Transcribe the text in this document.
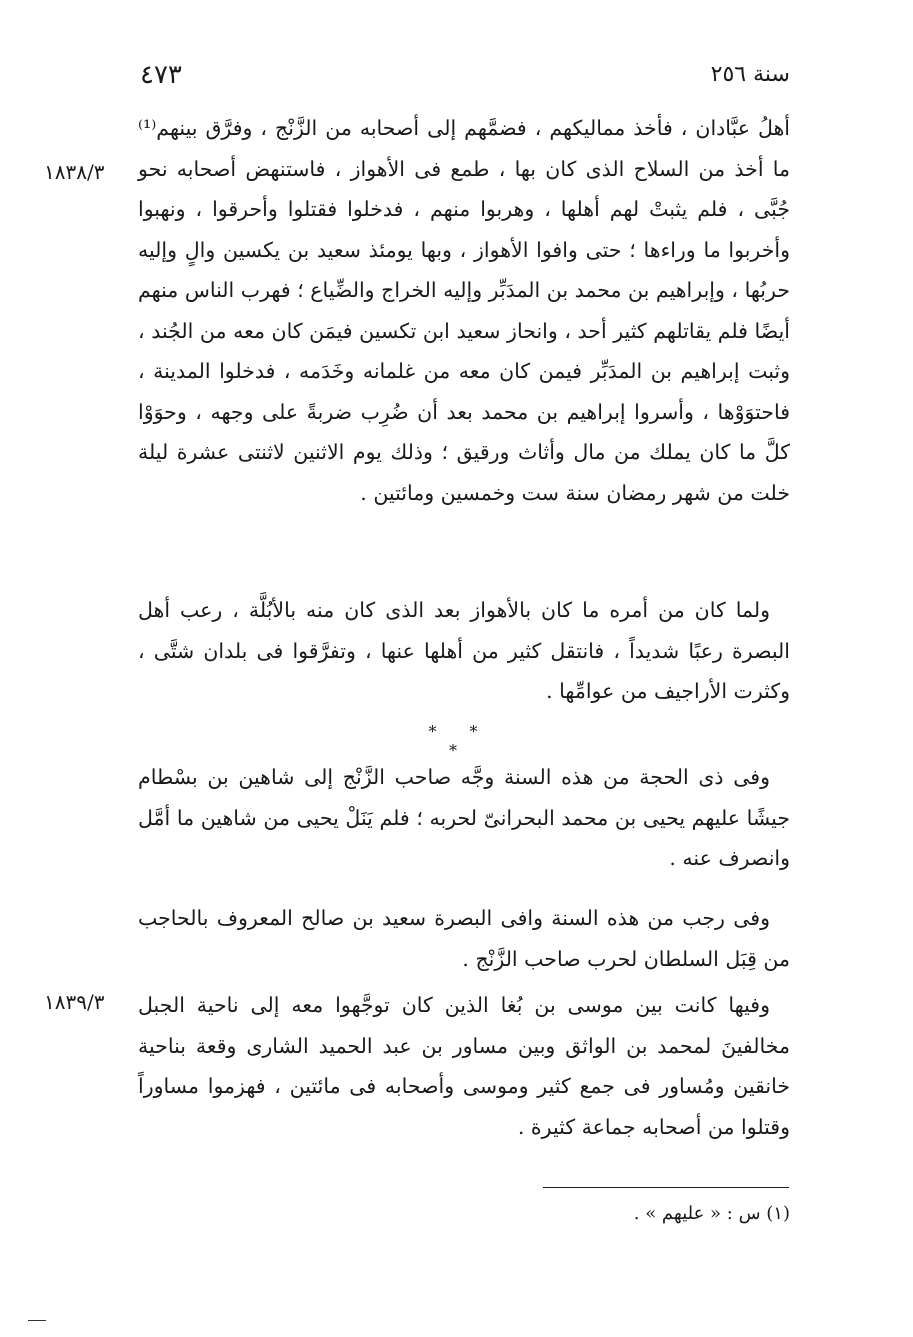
٤٧٣	سنة ٢٥٦
١٨٣٨/٣

أهلُ عبَّادان ، فأخذ مماليكهم ، فضمَّهم إلى أصحابه من الزَّنْج ، وفرَّق بينهم⁽¹⁾ ما أخذ من السلاح الذى كان بها ، طمع فى الأهواز ، فاستنهض أصحابه نحو جُبَّى ، فلم يثبتْ لهم أهلها ، وهربوا منهم ، فدخلوا فقتلوا وأحرقوا ، ونهبوا وأخربوا ما وراءها ؛ حتى وافوا الأهواز ، وبها يومئذ سعيد بن يكسين والٍ وإليه حربُها ، وإبراهيم بن محمد بن المدَبِّر وإليه الخراج والضِّياع ؛ فهرب الناس منهم أيضًا فلم يقاتلهم كثير أحد ، وانحاز سعيد ابن تكسين فيمَن كان معه من الجُند ، وثبت إبراهيم بن المدَبِّر فيمن كان معه من غلمانه وخَدَمه ، فدخلوا المدينة ، فاحتوَوْها ، وأسروا إبراهيم بن محمد بعد أن ضُرِب ضربةً على وجهه ، وحوَوْا كلَّ ما كان يملك من مال وأثاث ورقيق ؛ وذلك يوم الاثنين لاثنتى عشرة ليلة خلت من شهر رمضان سنة ست وخمسين ومائتين .

ولما كان من أمره ما كان بالأهواز بعد الذى كان منه بالأبُلَّة ، رعب أهل البصرة رعبًا شديداً ، فانتقل كثير من أهلها عنها ، وتفرَّقوا فى بلدان شتَّى ، وكثرت الأراجيف من عوامِّها .

* * *

وفى ذى الحجة من هذه السنة وجَّه صاحب الزَّنْج إلى شاهين بن بسْطام جيشًا عليهم يحيى بن محمد البحرانىّ لحربه ؛ فلم يَنَلْ يحيى من شاهين ما أمَّل وانصرف عنه .

وفى رجب من هذه السنة وافى البصرة سعيد بن صالح المعروف بالحاجب من قِبَل السلطان لحرب صاحب الزَّنْج .

١٨٣٩/٣ وفيها كانت بين موسى بن بُغا الذين كان توجَّهوا معه إلى ناحية الجبل مخالفينَ لمحمد بن الواثق وبين مساور بن عبد الحميد الشارى وقعة بناحية خانقين ومُساور فى جمع كثير وموسى وأصحابه فى مائتين ، فهزموا مساوراً وقتلوا من أصحابه جماعة كثيرة .

(١) س : « عليهم » .
